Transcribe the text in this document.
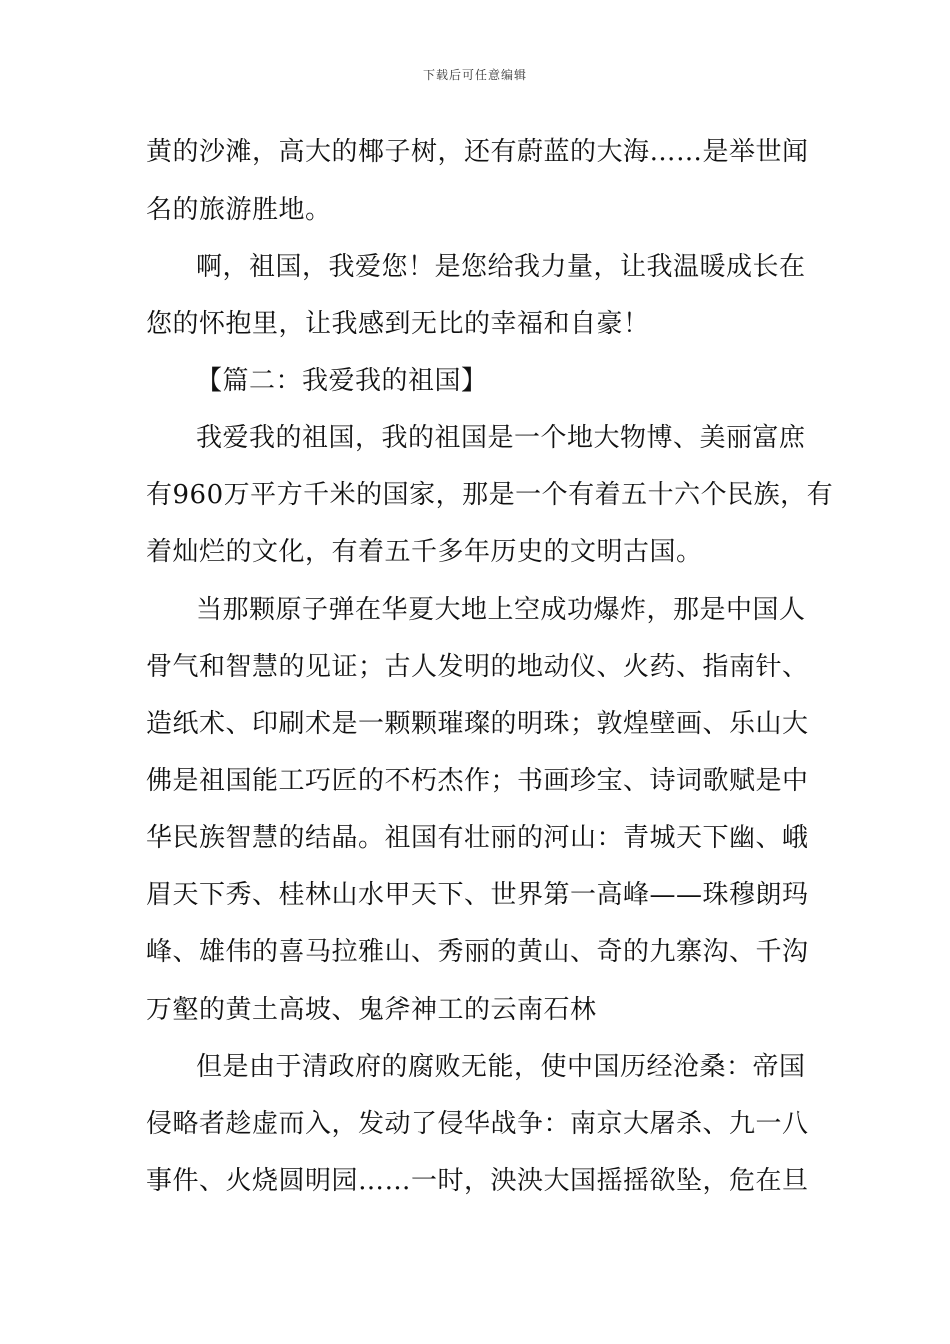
下载后可任意编辑
黄的沙滩，高大的椰子树，还有蔚蓝的大海……是举世闻
名的旅游胜地。
啊，祖国，我爱您！是您给我力量，让我温暖成长在
您的怀抱里，让我感到无比的幸福和自豪！
【篇二：我爱我的祖国】
我爱我的祖国，我的祖国是一个地大物博、美丽富庶
有960万平方千米的国家，那是一个有着五十六个民族，有
着灿烂的文化，有着五千多年历史的文明古国。
当那颗原子弹在华夏大地上空成功爆炸，那是中国人
骨气和智慧的见证；古人发明的地动仪、火药、指南针、
造纸术、印刷术是一颗颗璀璨的明珠；敦煌壁画、乐山大
佛是祖国能工巧匠的不朽杰作；书画珍宝、诗词歌赋是中
华民族智慧的结晶。祖国有壮丽的河山：青城天下幽、峨
眉天下秀、桂林山水甲天下、世界第一高峰——珠穆朗玛
峰、雄伟的喜马拉雅山、秀丽的黄山、奇的九寨沟、千沟
万壑的黄土高坡、鬼斧神工的云南石林
但是由于清政府的腐败无能，使中国历经沧桑：帝国
侵略者趁虚而入，发动了侵华战争：南京大屠杀、九一八
事件、火烧圆明园……一时，泱泱大国摇摇欲坠，危在旦
